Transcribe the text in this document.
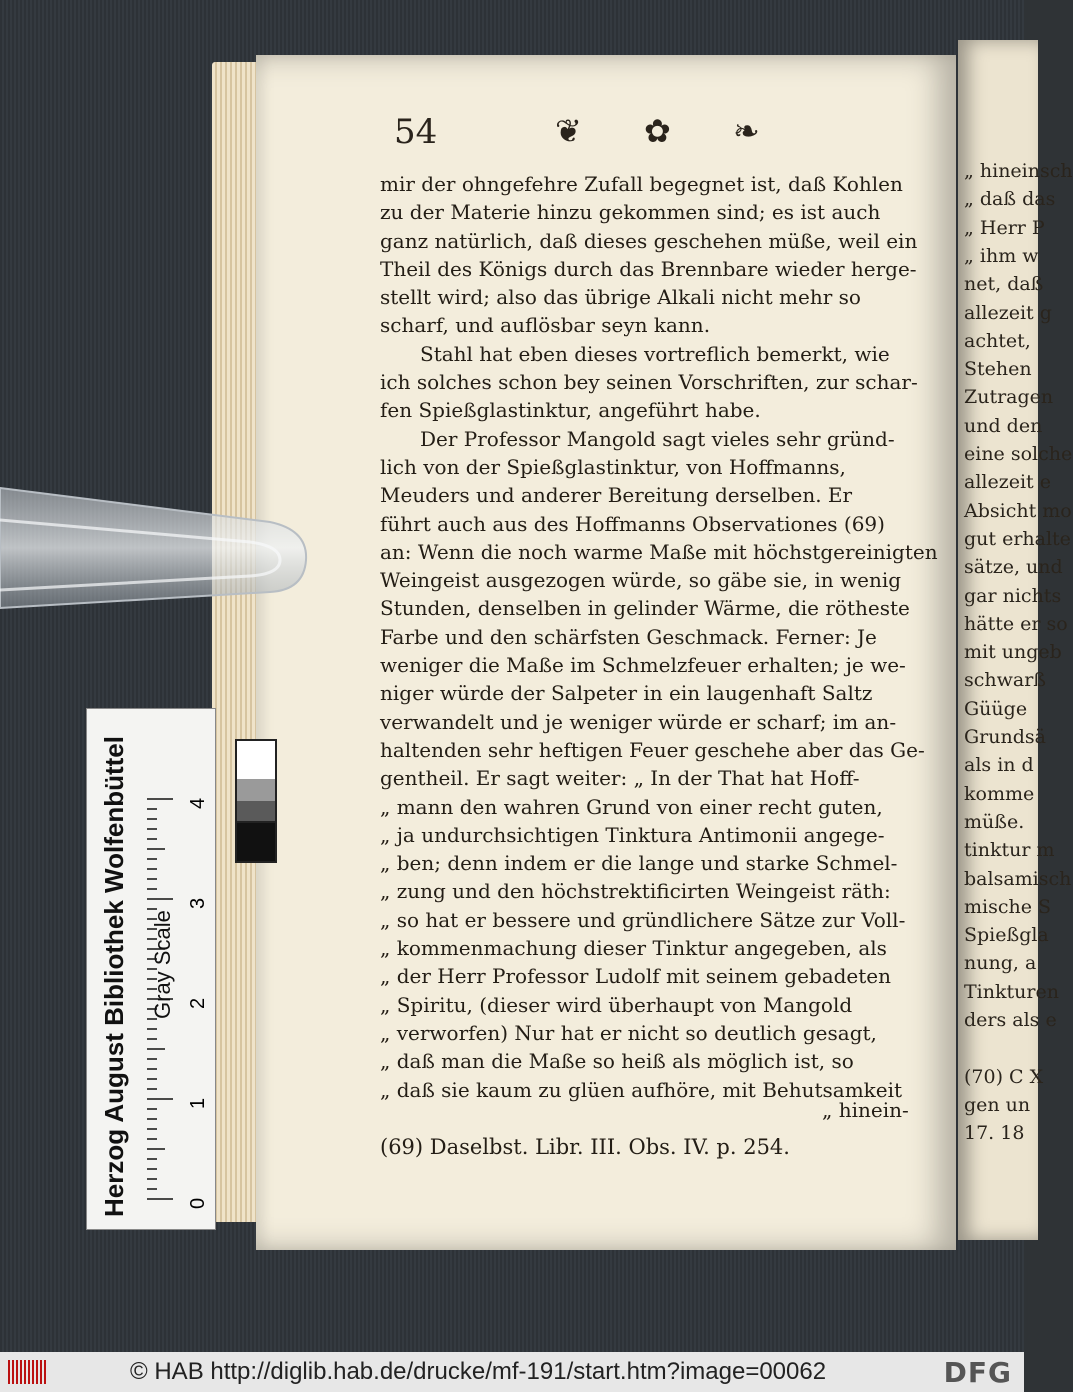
„ hineinsch
„ daß das
„ Herr P
„ ihm w
net, daß
allezeit g
achtet,
Stehen
Zutragen
und den
eine solche
allezeit e
Absicht mo
gut erhalte
sätze, und
gar nichts
hätte er so
mit ungeb
schwarß
Güüge
Grundsä
als in d
komme
müße.
tinktur m
balsamisch
mische S
Spießgla
nung, a
Tinkturen
ders als e
(70) C X
gen un
17. 18
54	❦ ✿ ❧
mir der ohngefehre Zufall begegnet ist, daß Kohlen
zu der Materie hinzu gekommen sind; es ist auch
ganz natürlich, daß dieses geschehen müße, weil ein
Theil des Königs durch das Brennbare wieder herge-
stellt wird; also das übrige Alkali nicht mehr so
scharf, und auflösbar seyn kann.
Stahl hat eben dieses vortreflich bemerkt, wie
ich solches schon bey seinen Vorschriften, zur schar-
fen Spießglastinktur, angeführt habe.
Der Professor Mangold sagt vieles sehr gründ-
lich von der Spießglastinktur, von Hoffmanns,
Meuders und anderer Bereitung derselben. Er
führt auch aus des Hoffmanns Observationes (69)
an: Wenn die noch warme Maße mit höchstgereinigten
Weingeist ausgezogen würde, so gäbe sie, in wenig
Stunden, denselben in gelinder Wärme, die rötheste
Farbe und den schärfsten Geschmack. Ferner: Je
weniger die Maße im Schmelzfeuer erhalten; je we-
niger würde der Salpeter in ein laugenhaft Saltz
verwandelt und je weniger würde er scharf; im an-
haltenden sehr heftigen Feuer geschehe aber das Ge-
gentheil. Er sagt weiter: „ In der That hat Hoff-
„ mann den wahren Grund von einer recht guten,
„ ja undurchsichtigen Tinktura Antimonii angege-
„ ben; denn indem er die lange und starke Schmel-
„ zung und den höchstrektificirten Weingeist räth:
„ so hat er bessere und gründlichere Sätze zur Voll-
„ kommenmachung dieser Tinktur angegeben, als
„ der Herr Professor Ludolf mit seinem gebadeten
„ Spiritu, (dieser wird überhaupt von Mangold
„ verworfen) Nur hat er nicht so deutlich gesagt,
„ daß man die Maße so heiß als möglich ist, so
„ daß sie kaum zu glüen aufhöre, mit Behutsamkeit
„ hinein-
(69) Daselbst. Libr. III. Obs. IV. p. 254.
Herzog August Bibliothek Wolfenbüttel Gray Scale
0
1
2
3
4
© HAB http://diglib.hab.de/drucke/mf-191/start.htm?image=00062	DFG
